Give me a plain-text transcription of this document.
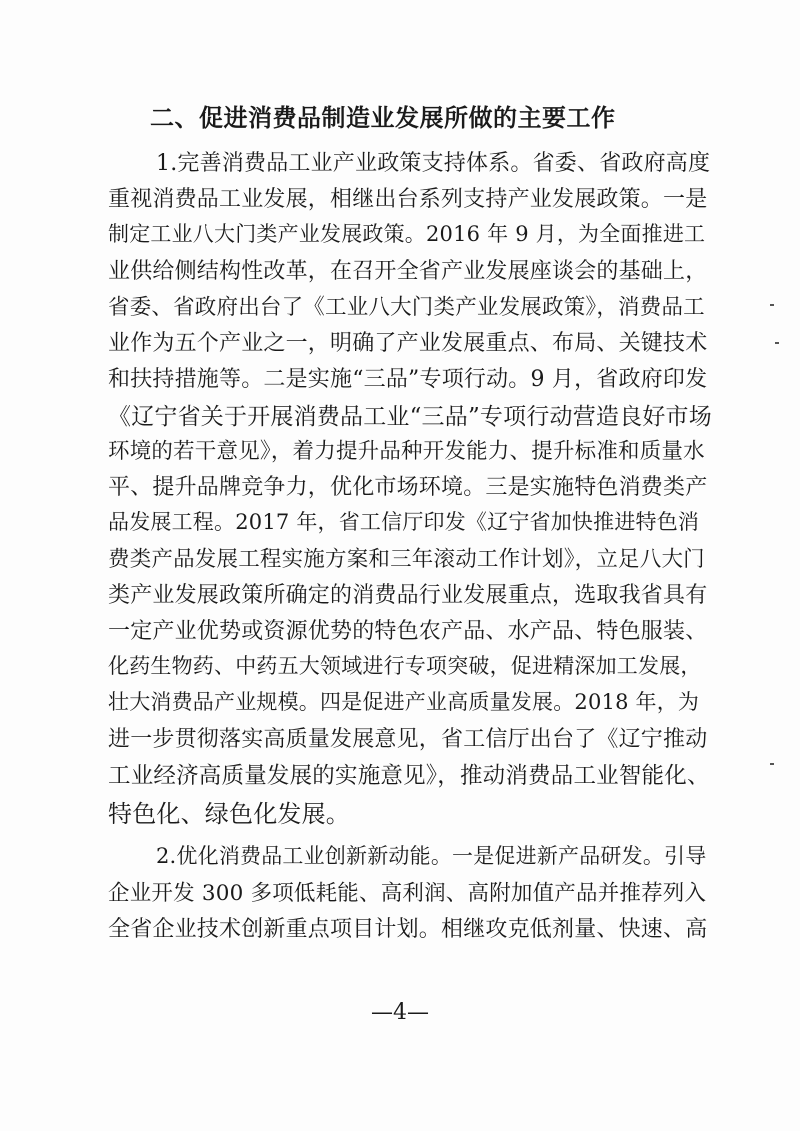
二、促进消费品制造业发展所做的主要工作
1.完善消费品工业产业政策支持体系。省委、省政府高度
重视消费品工业发展，相继出台系列支持产业发展政策。一是
制定工业八大门类产业发展政策。2016 年 9 月，为全面推进工
业供给侧结构性改革，在召开全省产业发展座谈会的基础上，
省委、省政府出台了《工业八大门类产业发展政策》，消费品工
业作为五个产业之一，明确了产业发展重点、布局、关键技术
和扶持措施等。二是实施“三品”专项行动。9 月，省政府印发
《辽宁省关于开展消费品工业“三品”专项行动营造良好市场
环境的若干意见》，着力提升品种开发能力、提升标准和质量水
平、提升品牌竞争力，优化市场环境。三是实施特色消费类产
品发展工程。2017 年，省工信厅印发《辽宁省加快推进特色消
费类产品发展工程实施方案和三年滚动工作计划》，立足八大门
类产业发展政策所确定的消费品行业发展重点，选取我省具有
一定产业优势或资源优势的特色农产品、水产品、特色服装、
化药生物药、中药五大领域进行专项突破，促进精深加工发展，
壮大消费品产业规模。四是促进产业高质量发展。2018 年，为
进一步贯彻落实高质量发展意见，省工信厅出台了《辽宁推动
工业经济高质量发展的实施意见》，推动消费品工业智能化、
特色化、绿色化发展。
2.优化消费品工业创新新动能。一是促进新产品研发。引导
企业开发 300 多项低耗能、高利润、高附加值产品并推荐列入
全省企业技术创新重点项目计划。相继攻克低剂量、快速、高
—4—
